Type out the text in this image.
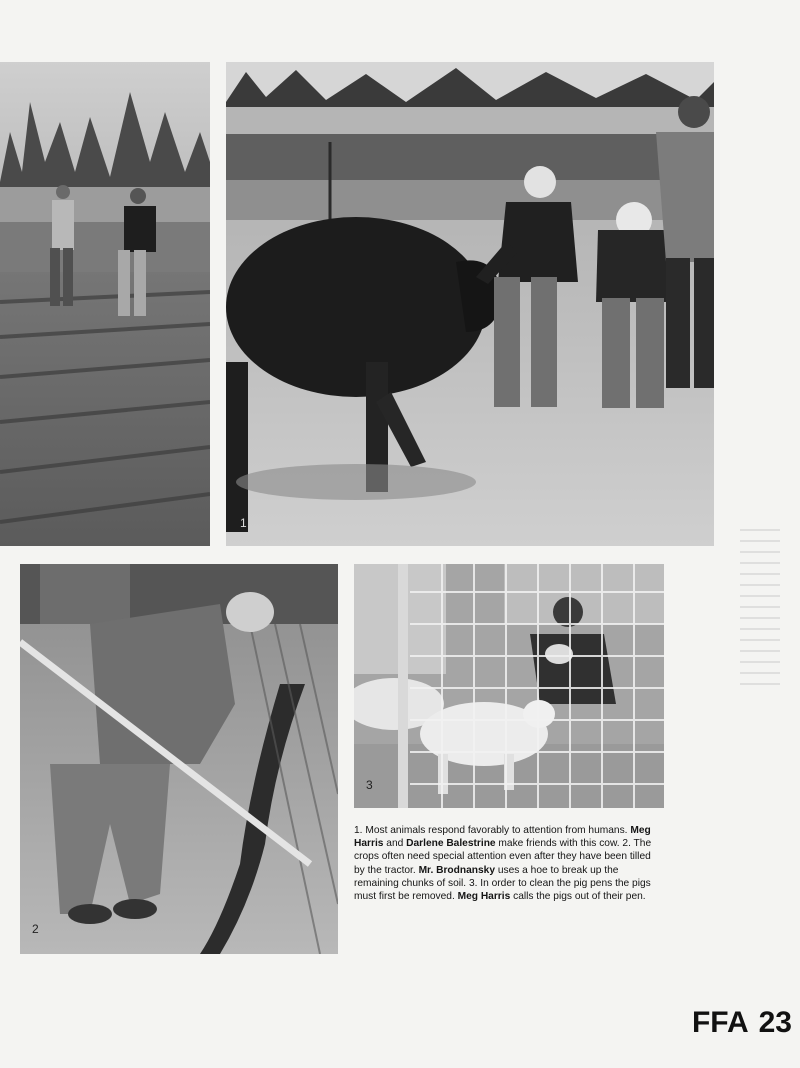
1
2
3
1. Most animals respond favorably to attention from humans. Meg Harris and Darlene Balestrine make friends with this cow. 2. The crops often need special attention even after they have been tilled by the tractor. Mr. Brodnansky uses a hoe to break up the remaining chunks of soil. 3. In order to clean the pig pens the pigs must first be removed. Meg Harris calls the pigs out of their pen.
FFA 23
